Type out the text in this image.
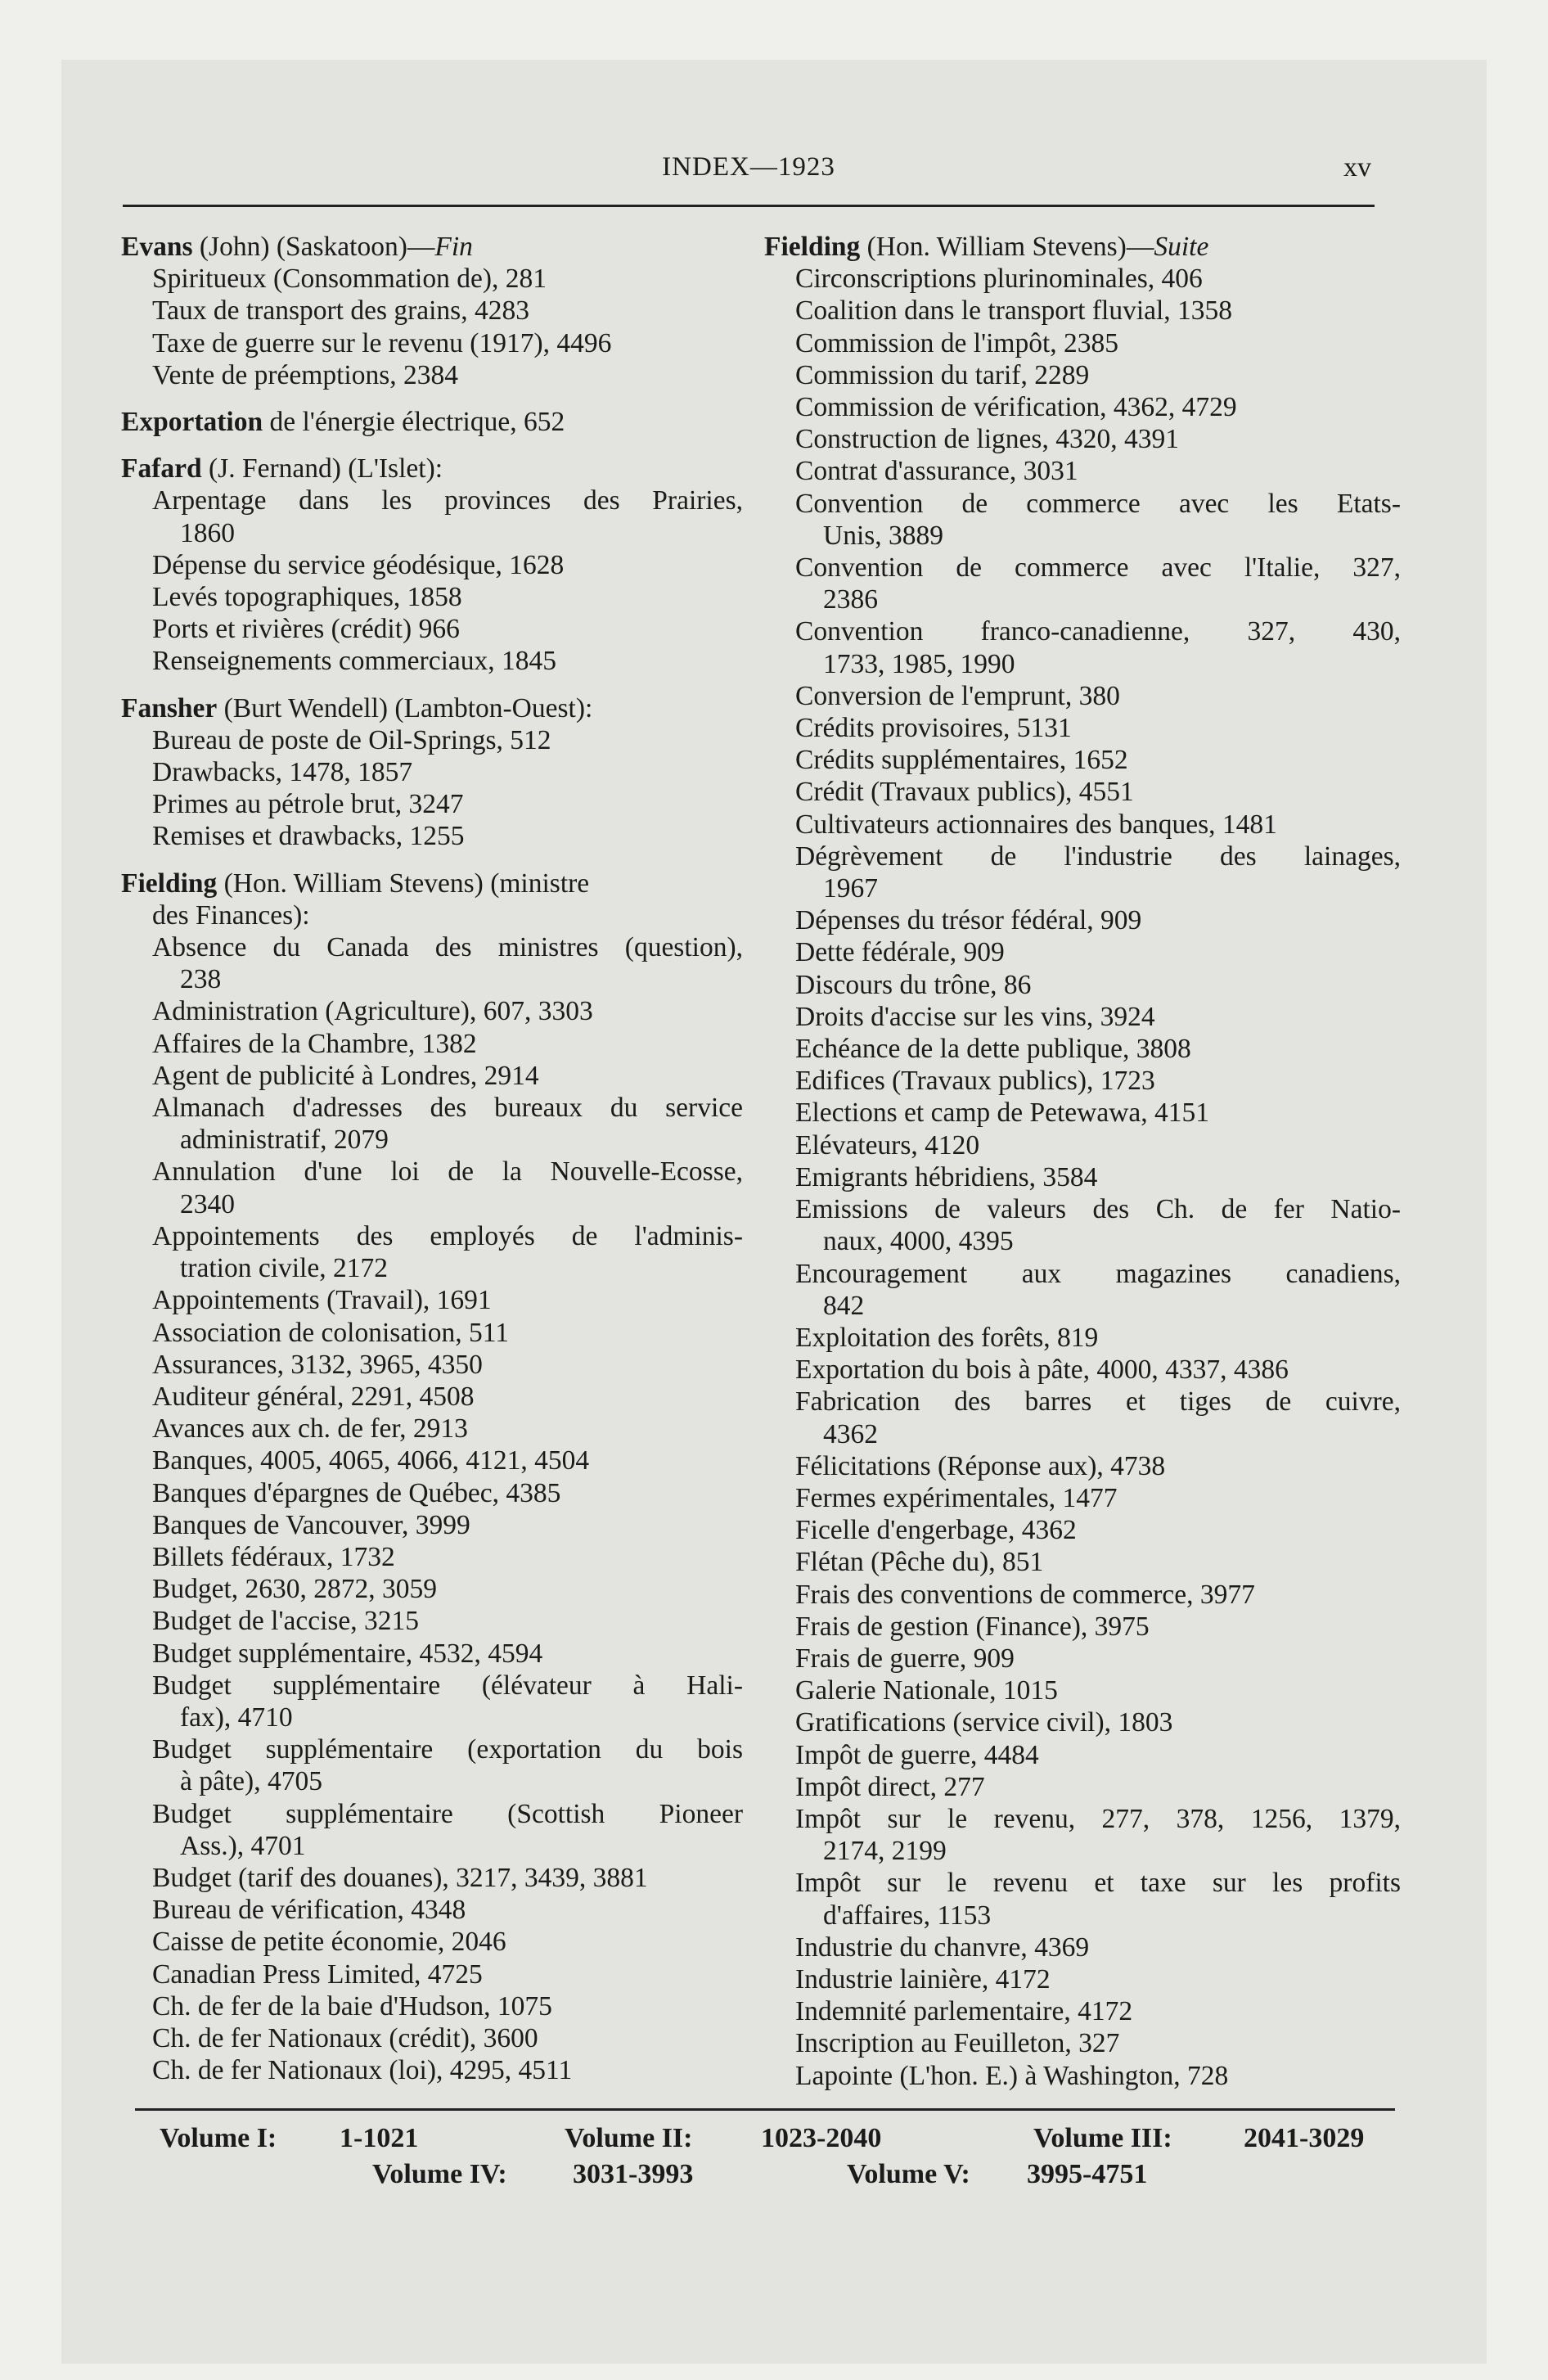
INDEX—1923	xv
Evans (John) (Saskatoon)—Fin
Spiritueux (Consommation de), 281
Taux de transport des grains, 4283
Taxe de guerre sur le revenu (1917), 4496
Vente de préemptions, 2384
Exportation de l'énergie électrique, 652
Fafard (J. Fernand) (L'Islet):
Arpentage dans les provinces des Prairies,
1860
Dépense du service géodésique, 1628
Levés topographiques, 1858
Ports et rivières (crédit) 966
Renseignements commerciaux, 1845
Fansher (Burt Wendell) (Lambton-Ouest):
Bureau de poste de Oil-Springs, 512
Drawbacks, 1478, 1857
Primes au pétrole brut, 3247
Remises et drawbacks, 1255
Fielding (Hon. William Stevens) (ministre
des Finances):
Absence du Canada des ministres (question),
238
Administration (Agriculture), 607, 3303
Affaires de la Chambre, 1382
Agent de publicité à Londres, 2914
Almanach d'adresses des bureaux du service
administratif, 2079
Annulation d'une loi de la Nouvelle-Ecosse,
2340
Appointements des employés de l'adminis-
tration civile, 2172
Appointements (Travail), 1691
Association de colonisation, 511
Assurances, 3132, 3965, 4350
Auditeur général, 2291, 4508
Avances aux ch. de fer, 2913
Banques, 4005, 4065, 4066, 4121, 4504
Banques d'épargnes de Québec, 4385
Banques de Vancouver, 3999
Billets fédéraux, 1732
Budget, 2630, 2872, 3059
Budget de l'accise, 3215
Budget supplémentaire, 4532, 4594
Budget supplémentaire (élévateur à Hali-
fax), 4710
Budget supplémentaire (exportation du bois
à pâte), 4705
Budget supplémentaire (Scottish Pioneer
Ass.), 4701
Budget (tarif des douanes), 3217, 3439, 3881
Bureau de vérification, 4348
Caisse de petite économie, 2046
Canadian Press Limited, 4725
Ch. de fer de la baie d'Hudson, 1075
Ch. de fer Nationaux (crédit), 3600
Ch. de fer Nationaux (loi), 4295, 4511
Fielding (Hon. William Stevens)—Suite
Circonscriptions plurinominales, 406
Coalition dans le transport fluvial, 1358
Commission de l'impôt, 2385
Commission du tarif, 2289
Commission de vérification, 4362, 4729
Construction de lignes, 4320, 4391
Contrat d'assurance, 3031
Convention de commerce avec les Etats-
Unis, 3889
Convention de commerce avec l'Italie, 327,
2386
Convention franco-canadienne, 327, 430,
1733, 1985, 1990
Conversion de l'emprunt, 380
Crédits provisoires, 5131
Crédits supplémentaires, 1652
Crédit (Travaux publics), 4551
Cultivateurs actionnaires des banques, 1481
Dégrèvement de l'industrie des lainages,
1967
Dépenses du trésor fédéral, 909
Dette fédérale, 909
Discours du trône, 86
Droits d'accise sur les vins, 3924
Echéance de la dette publique, 3808
Edifices (Travaux publics), 1723
Elections et camp de Petewawa, 4151
Elévateurs, 4120
Emigrants hébridiens, 3584
Emissions de valeurs des Ch. de fer Natio-
naux, 4000, 4395
Encouragement aux magazines canadiens,
842
Exploitation des forêts, 819
Exportation du bois à pâte, 4000, 4337, 4386
Fabrication des barres et tiges de cuivre,
4362
Félicitations (Réponse aux), 4738
Fermes expérimentales, 1477
Ficelle d'engerbage, 4362
Flétan (Pêche du), 851
Frais des conventions de commerce, 3977
Frais de gestion (Finance), 3975
Frais de guerre, 909
Galerie Nationale, 1015
Gratifications (service civil), 1803
Impôt de guerre, 4484
Impôt direct, 277
Impôt sur le revenu, 277, 378, 1256, 1379,
2174, 2199
Impôt sur le revenu et taxe sur les profits
d'affaires, 1153
Industrie du chanvre, 4369
Industrie lainière, 4172
Indemnité parlementaire, 4172
Inscription au Feuilleton, 327
Lapointe (L'hon. E.) à Washington, 728
Volume I: 1-1021	Volume II: 1023-2040	Volume III:	2041-3029
Volume IV: 3031-3993	Volume V: 3995-4751
